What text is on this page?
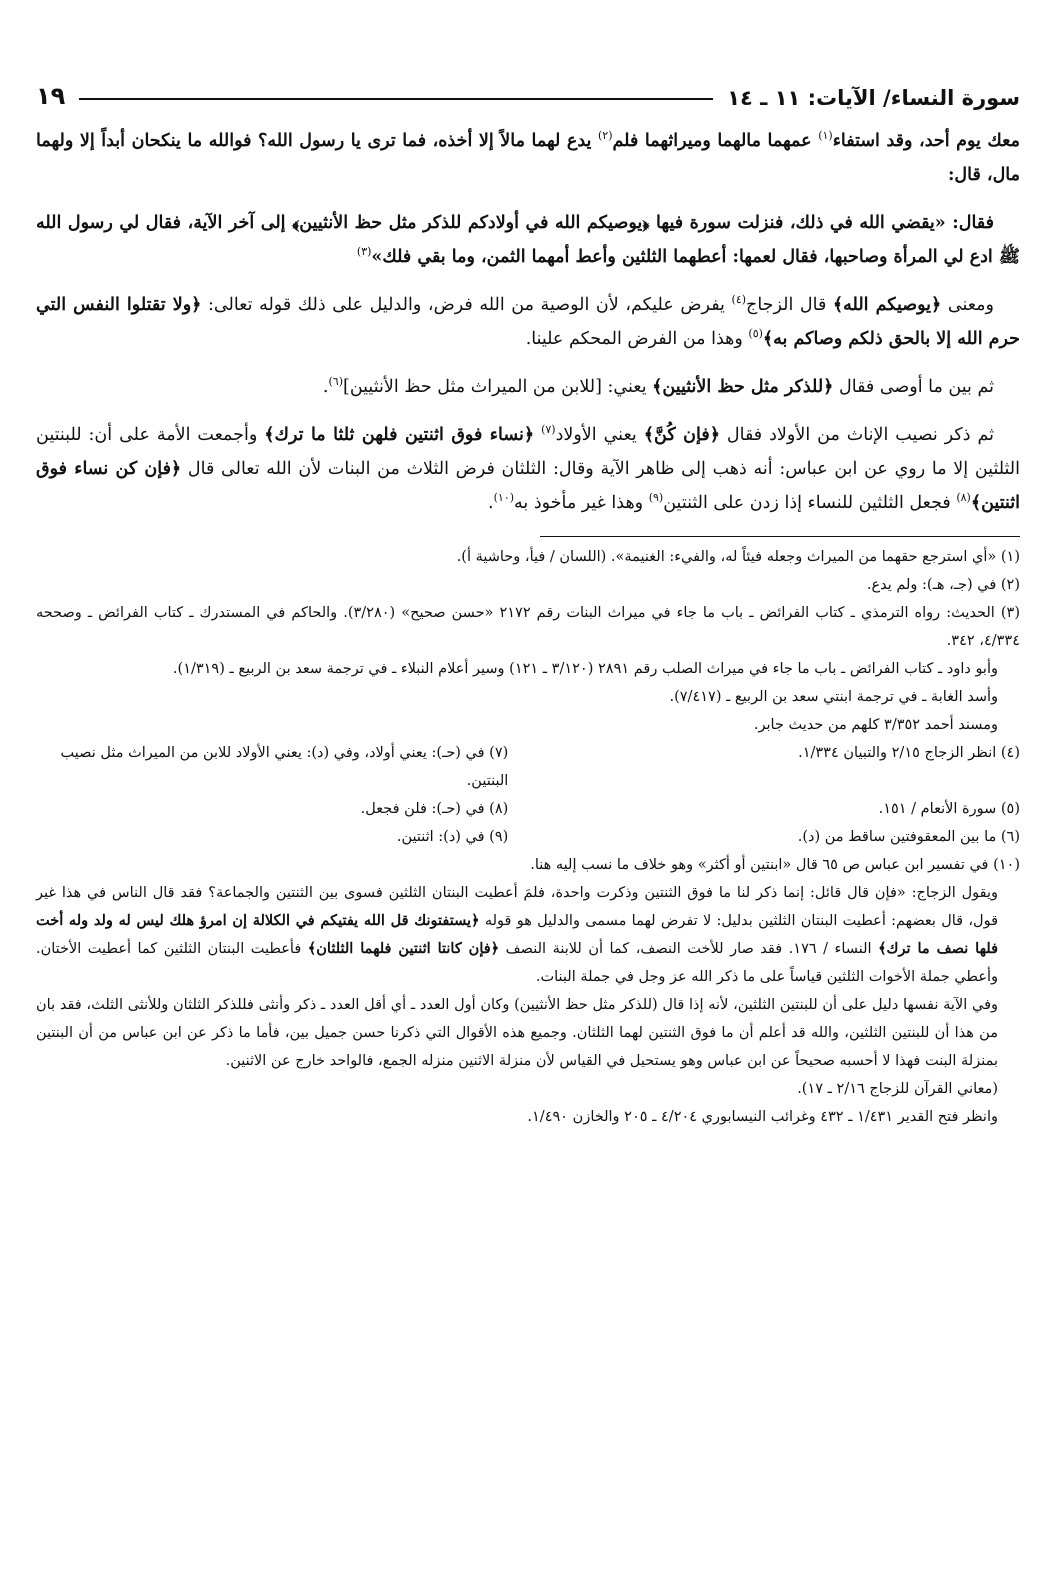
سورة النساء/ الآيات: ١١ ـ ١٤
١٩

معك يوم أحد، وقد استفاء$^{(١)}$ عمهما مالهما وميراثهما فلم$^{(٢)}$ يدع لهما مالاً إلا أخذه، فما ترى يا رسول الله؟ فوالله ما ينكحان أبداً إلا ولهما مال، قال:

فقال: «يقضي الله في ذلك، فنزلت سورة فيها ﴿يوصيكم الله في أولادكم للذكر مثل حظ الأنثيين﴾ إلى آخر الآية، فقال لي رسول الله ﷺ ادع لي المرأة وصاحبها، فقال لعمها: أعطهما الثلثين وأعط أمهما الثمن، وما بقي فلك»$^{(٣)}$

ومعنى ﴿يوصيكم الله﴾ قال الزجاج$^{(٤)}$ يفرض عليكم، لأن الوصية من الله فرض، والدليل على ذلك قوله تعالى: ﴿ولا تقتلوا النفس التي حرم الله إلا بالحق ذلكم وصاكم به﴾$^{(٥)}$ وهذا من الفرض المحكم علينا.

ثم بين ما أوصى فقال ﴿للذكر مثل حظ الأنثيين﴾ يعني: [للابن من الميراث مثل حظ الأنثيين]$^{(٦)}$.

ثم ذكر نصيب الإناث من الأولاد فقال ﴿فإن كُنَّ﴾ يعني الأولاد$^{(٧)}$ ﴿نساء فوق اثنتين فلهن ثلثا ما ترك﴾ وأجمعت الأمة على أن: للبنتين الثلثين إلا ما روي عن ابن عباس: أنه ذهب إلى ظاهر الآية وقال: الثلثان فرض الثلاث من البنات لأن الله تعالى قال ﴿فإن كن نساء فوق اثنتين﴾$^{(٨)}$ فجعل الثلثين للنساء إذا زدن على الثنتين$^{(٩)}$ وهذا غير مأخوذ به$^{(١٠)}$.

(١) «أي استرجع حقهما من الميراث وجعله فيئاً له، والفيء: الغنيمة». (اللسان / فيأ، وحاشية أ).
(٢) في (جـ، هـ): ولم يدع.
(٣) الحديث: رواه الترمذي ـ كتاب الفرائض ـ باب ما جاء في ميراث البنات رقم ٢١٧٢ «حسن صحيح» (٣/٢٨٠). والحاكم في المستدرك ـ كتاب الفرائض ـ وصححه ٤/٣٣٤، ٣٤٢.
وأبو داود ـ كتاب الفرائض ـ باب ما جاء في ميراث الصلب رقم ٢٨٩١ (٣/١٢٠ ـ ١٢١) وسير أعلام النبلاء ـ في ترجمة سعد بن الربيع ـ (١/٣١٩).
وأسد الغابة ـ في ترجمة ابنتي سعد بن الربيع ـ (٧/٤١٧).
ومسند أحمد ٣/٣٥٢ كلهم من حديث جابر.
(٤) انظر الزجاج ٢/١٥ والتبيان ١/٣٣٤.
(٧) في (حـ): يعني أولاد، وفي (د): يعني الأولاد للابن من الميراث مثل نصيب البنتين.
(٥) سورة الأنعام / ١٥١.
(٨) في (حـ): فلن فجعل.
(٦) ما بين المعقوفتين ساقط من (د).
(٩) في (د): اثنتين.
(١٠) في تفسير ابن عباس ص ٦٥ قال «ابنتين أو أكثر» وهو خلاف ما نسب إليه هنا.
ويقول الزجاج: «فإن قال قائل: إنما ذكر لنا ما فوق الثنتين وذكرت واحدة، فلمَ أعطيت البنتان الثلثين فسوى بين الثنتين والجماعة؟ فقد قال الناس في هذا غير قول، قال بعضهم: أعطيت البنتان الثلثين بدليل: لا تفرض لهما مسمى والدليل هو قوله ﴿يستفتونك قل الله يفتيكم في الكلالة إن امرؤ هلك ليس له ولد وله أخت فلها نصف ما ترك﴾ النساء / ١٧٦. فقد صار للأخت النصف، كما أن للابنة النصف ﴿فإن كانتا اثنتين فلهما الثلثان﴾ فأعطيت البنتان الثلثين كما أعطيت الأختان. وأعطي جملة الأخوات الثلثين قياساً على ما ذكر الله عز وجل في جملة البنات.
وفي الآية نفسها دليل على أن للبنتين الثلثين، لأنه إذا قال (للذكر مثل حظ الأنثيين) وكان أول العدد ـ أي أقل العدد ـ ذكر وأنثى فللذكر الثلثان وللأنثى الثلث، فقد بان من هذا أن للبنتين الثلثين، والله قد أعلم أن ما فوق الثنتين لهما الثلثان. وجميع هذه الأقوال التي ذكرنا حسن جميل بين، فأما ما ذكر عن ابن عباس من أن البنتين بمنزلة البنت فهذا لا أحسبه صحيحاً عن ابن عباس وهو يستحيل في القياس لأن منزلة الاثنين منزله الجمع، فالواحد خارج عن الاثنين.
(معاني القرآن للزجاج ٢/١٦ ـ ١٧).
وانظر فتح القدير ١/٤٣١ ـ ٤٣٢ وغرائب النيسابوري ٤/٢٠٤ ـ ٢٠٥ والخازن ١/٤٩٠.
